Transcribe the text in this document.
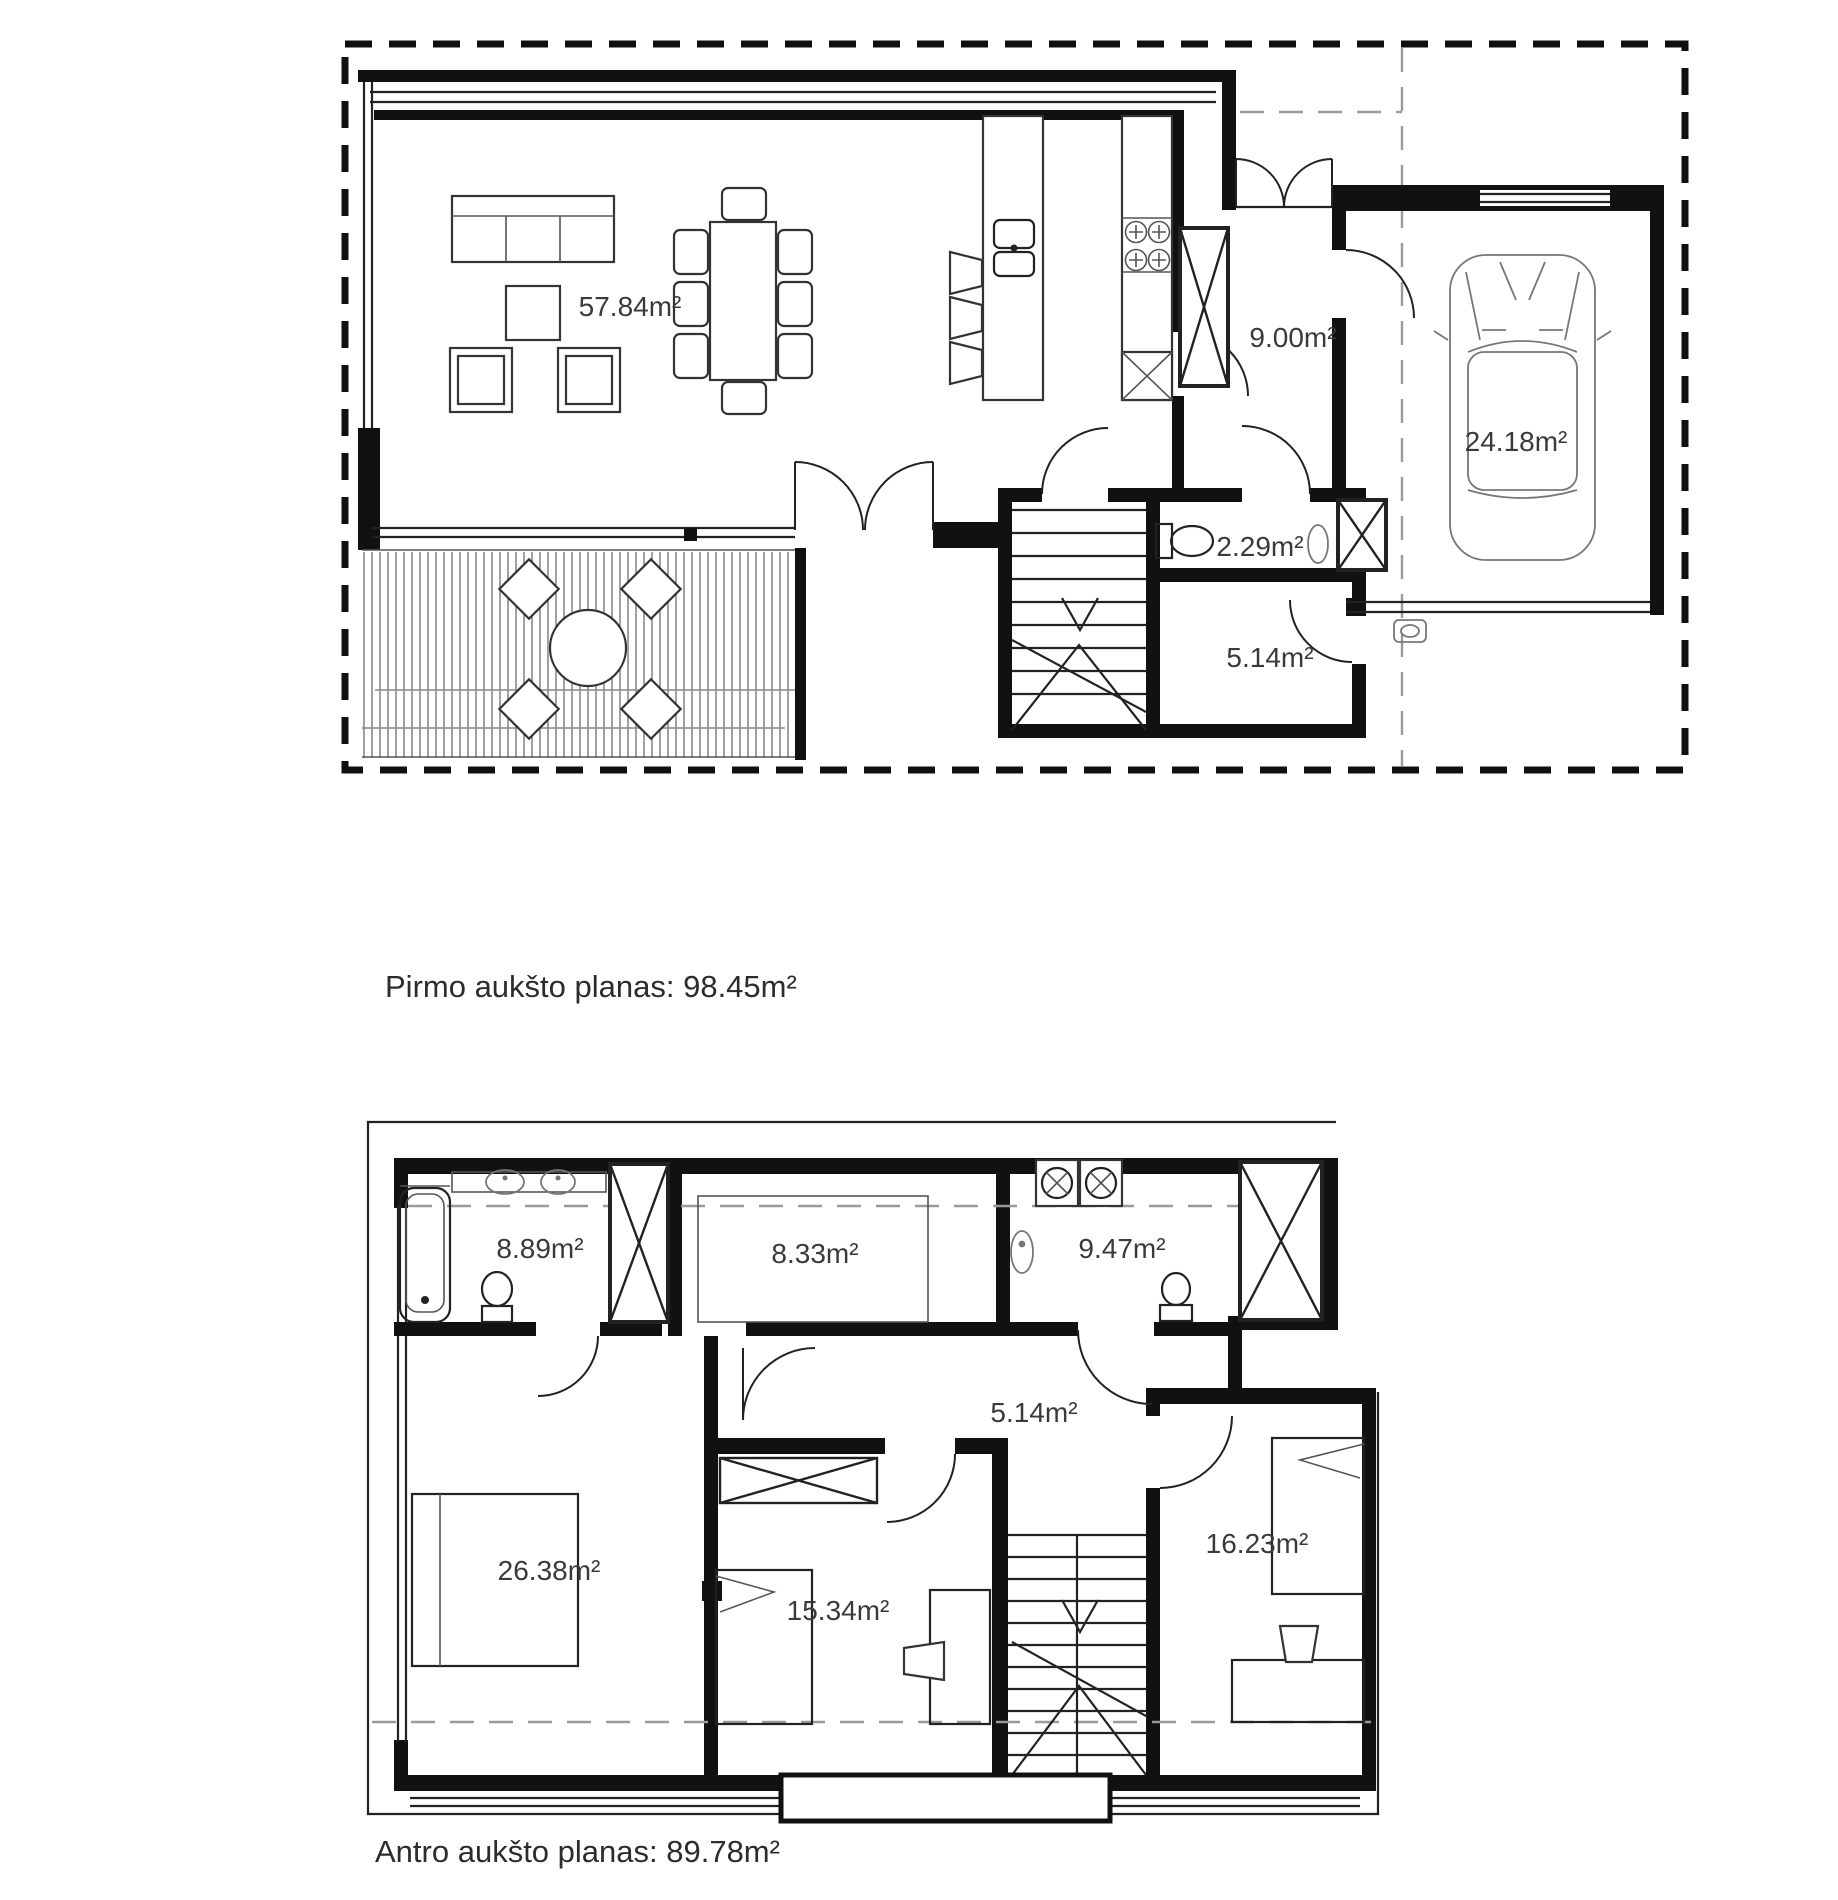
57.84m²
9.00m²
24.18m²
2.29m²
5.14m²
Pirmo aukšto planas: 98.45m²
8.89m²	8.33m²	9.47m²
5.14m²
26.38m²
15.34m²
16.23m²
Antro aukšto planas: 89.78m²
